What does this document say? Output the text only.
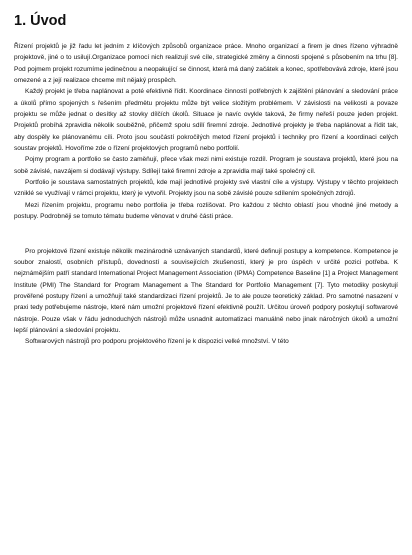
1. Úvod

Řízení projektů je již řadu let jedním z klíčových způsobů organizace práce. Mnoho organizací a firem je dnes řízeno výhradně projektově, jiné o to usilují.Organizace pomocí nich realizují své cíle, strategické změny a činnosti spojené s působením na trhu [8]. Pod pojmem projekt rozumíme jedinečnou a neopakující se činnost, která má daný začátek a konec, spotřebovává zdroje, které jsou omezené a z její realizace chceme mít nějaký prospěch.

Každý projekt je třeba naplánovat a poté efektivně řídit. Koordinace činností potřebných k zajištění plánování a sledování práce a úkolů přímo spojených s řešením předmětu projektu může být velice složitým problémem. V závislosti na velikosti a povaze projektu se může jednat o desítky až stovky dílčích úkolů. Situace je navíc ovykle taková, že firmy neřeší pouze jeden projekt. Projektů probíhá zpravidla několik souběžně, přičemž spolu sdílí firemní zdroje. Jednotlivé projekty je třeba naplánovat a řídit tak, aby dospěly ke plánovanému cíli. Proto jsou součástí pokročilých metod řízení projektů i techniky pro řízení a koordinaci celých soustav projektů. Hovoříme zde o řízení projektových programů nebo portfolií.

Pojmy program a portfolio se často zaměňují, přece však mezi nimi existuje rozdíl. Program je soustava projektů, které jsou na sobě závislé, navzájem si dodávají výstupy. Sdílejí také firemní zdroje a zpravidla mají také společný cíl.

Portfolio je soustava samostatných projektů, kde mají jednotlivé projekty své vlastní cíle a výstupy. Výstupy v těchto projektech vzniklé se využívají v rámci projektu, který je vytvořil. Projekty jsou na sobě závislé pouze sdílením společných zdrojů.

Mezi řízením projektu, programu nebo portfolia je třeba rozlišovat. Pro každou z těchto oblastí jsou vhodné jiné metody a postupy. Podrobněji se tomuto tématu budeme věnovat v druhé části práce.

Pro projektové řízení existuje několik mezinárodně uznávaných standardů, které definují postupy a kompetence. Kompetence je soubor znalostí, osobních přístupů, dovedností a souvisejících zkušeností, který je pro úspěch v určité pozici potřeba. K nejznámějším patří standard International Project Management Association (IPMA) Competence Baseline [1] a Project Management Institute (PMI) The Standard for Program Management a The Standard for Portfolio Management [7]. Tyto metodiky poskytují prověřené postupy řízení a umožňují také standardizaci řízení projektů. Je to ale pouze teoretický základ. Pro samotné nasazení v praxi tedy potřebujeme nástroje, které nám umožní projektové řízení efektivně použít. Určitou úroveň podpory poskytují softwarové nástroje. Pouze však v řádu jednoduchých nástrojů může usnadnit automatizaci manuálně nebo jinak náročných úkolů a umožní lepší plánování a sledování projektu.

Softwarových nástrojů pro podporu projektového řízení je k dispozici velké množství. V této
